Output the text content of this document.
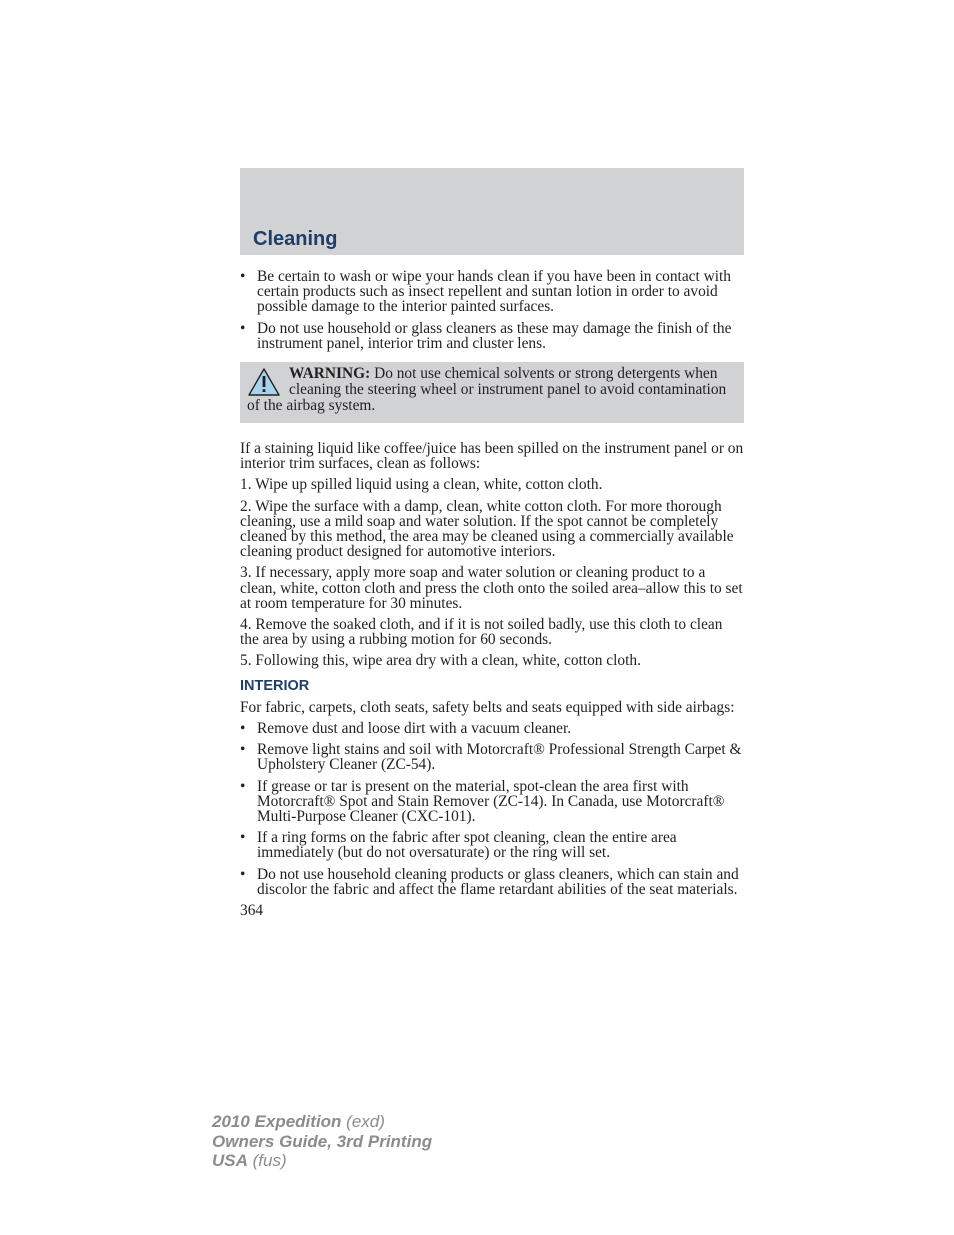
Cleaning
• Be certain to wash or wipe your hands clean if you have been in contact with certain products such as insect repellent and suntan lotion in order to avoid possible damage to the interior painted surfaces.
• Do not use household or glass cleaners as these may damage the finish of the instrument panel, interior trim and cluster lens.
WARNING: Do not use chemical solvents or strong detergents when cleaning the steering wheel or instrument panel to avoid contamination of the airbag system.

If a staining liquid like coffee/juice has been spilled on the instrument panel or on interior trim surfaces, clean as follows:

1. Wipe up spilled liquid using a clean, white, cotton cloth.

2. Wipe the surface with a damp, clean, white cotton cloth. For more thorough cleaning, use a mild soap and water solution. If the spot cannot be completely cleaned by this method, the area may be cleaned using a commercially available cleaning product designed for automotive interiors.

3. If necessary, apply more soap and water solution or cleaning product to a clean, white, cotton cloth and press the cloth onto the soiled area–allow this to set at room temperature for 30 minutes.

4. Remove the soaked cloth, and if it is not soiled badly, use this cloth to clean the area by using a rubbing motion for 60 seconds.

5. Following this, wipe area dry with a clean, white, cotton cloth.

INTERIOR

For fabric, carpets, cloth seats, safety belts and seats equipped with side airbags:

• Remove dust and loose dirt with a vacuum cleaner.
• Remove light stains and soil with Motorcraft® Professional Strength Carpet & Upholstery Cleaner (ZC-54).
• If grease or tar is present on the material, spot-clean the area first with Motorcraft® Spot and Stain Remover (ZC-14). In Canada, use Motorcraft® Multi-Purpose Cleaner (CXC-101).
• If a ring forms on the fabric after spot cleaning, clean the entire area immediately (but do not oversaturate) or the ring will set.
• Do not use household cleaning products or glass cleaners, which can stain and discolor the fabric and affect the flame retardant abilities of the seat materials.
364
2010 Expedition (exd)
Owners Guide, 3rd Printing
USA (fus)
